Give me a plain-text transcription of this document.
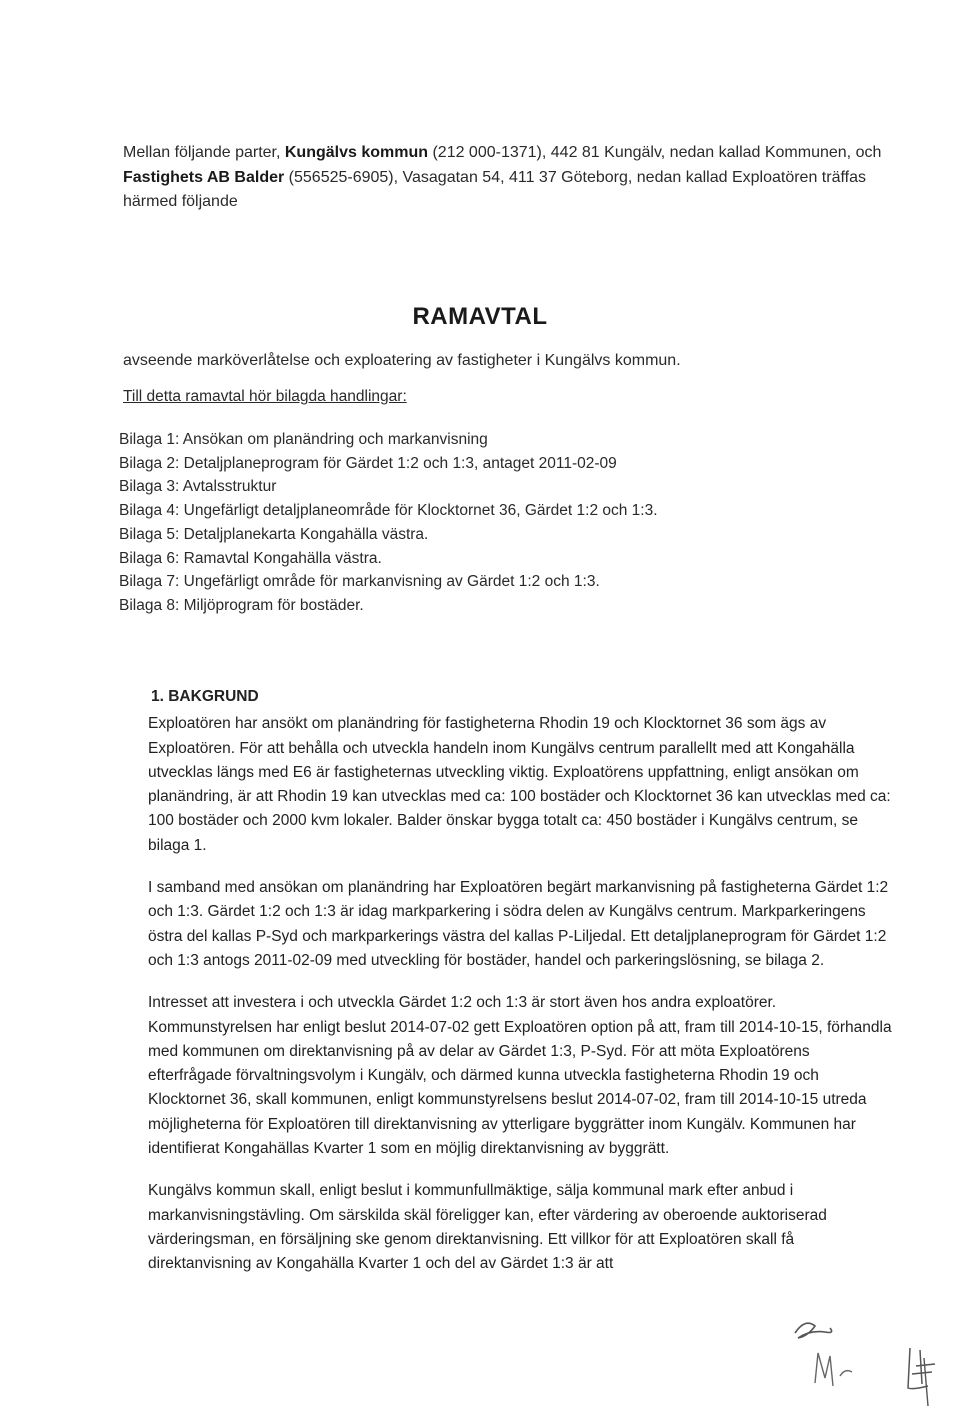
Mellan följande parter, Kungälvs kommun (212 000-1371), 442 81 Kungälv, nedan kallad Kommunen, och Fastighets AB Balder (556525-6905), Vasagatan 54, 411 37 Göteborg, nedan kallad Exploatören träffas härmed följande

RAMAVTAL
avseende marköverlåtelse och exploatering av fastigheter i Kungälvs kommun.
Till detta ramavtal hör bilagda handlingar:
Bilaga 1: Ansökan om planändring och markanvisning
Bilaga 2: Detaljplaneprogram för Gärdet 1:2 och 1:3, antaget 2011-02-09
Bilaga 3: Avtalsstruktur
Bilaga 4: Ungefärligt detaljplaneområde för Klocktornet 36, Gärdet 1:2 och 1:3.
Bilaga 5: Detaljplanekarta Kongahälla västra.
Bilaga 6: Ramavtal Kongahälla västra.
Bilaga 7: Ungefärligt område för markanvisning av Gärdet 1:2 och 1:3.
Bilaga 8: Miljöprogram för bostäder.
1. BAKGRUND

Exploatören har ansökt om planändring för fastigheterna Rhodin 19 och Klocktornet 36 som ägs av Exploatören. För att behålla och utveckla handeln inom Kungälvs centrum parallellt med att Kongahälla utvecklas längs med E6 är fastigheternas utveckling viktig. Exploatörens uppfattning, enligt ansökan om planändring, är att Rhodin 19 kan utvecklas med ca: 100 bostäder och Klocktornet 36 kan utvecklas med ca: 100 bostäder och 2000 kvm lokaler. Balder önskar bygga totalt ca: 450 bostäder i Kungälvs centrum, se bilaga 1.

I samband med ansökan om planändring har Exploatören begärt markanvisning på fastigheterna Gärdet 1:2 och 1:3. Gärdet 1:2 och 1:3 är idag markparkering i södra delen av Kungälvs centrum. Markparkeringens östra del kallas P-Syd och markparkerings västra del kallas P-Liljedal. Ett detaljplaneprogram för Gärdet 1:2 och 1:3 antogs 2011-02-09 med utveckling för bostäder, handel och parkeringslösning, se bilaga 2.

Intresset att investera i och utveckla Gärdet 1:2 och 1:3 är stort även hos andra exploatörer. Kommunstyrelsen har enligt beslut 2014-07-02 gett Exploatören option på att, fram till 2014-10-15, förhandla med kommunen om direktanvisning på av delar av Gärdet 1:3, P-Syd. För att möta Exploatörens efterfrågade förvaltningsvolym i Kungälv, och därmed kunna utveckla fastigheterna Rhodin 19 och Klocktornet 36, skall kommunen, enligt kommunstyrelsens beslut 2014-07-02, fram till 2014-10-15 utreda möjligheterna för Exploatören till direktanvisning av ytterligare byggrätter inom Kungälv. Kommunen har identifierat Kongahällas Kvarter 1 som en möjlig direktanvisning av byggrätt.

Kungälvs kommun skall, enligt beslut i kommunfullmäktige, sälja kommunal mark efter anbud i markanvisningstävling. Om särskilda skäl föreligger kan, efter värdering av oberoende auktoriserad värderingsman, en försäljning ske genom direktanvisning. Ett villkor för att Exploatören skall få direktanvisning av Kongahälla Kvarter 1 och del av Gärdet 1:3 är att
